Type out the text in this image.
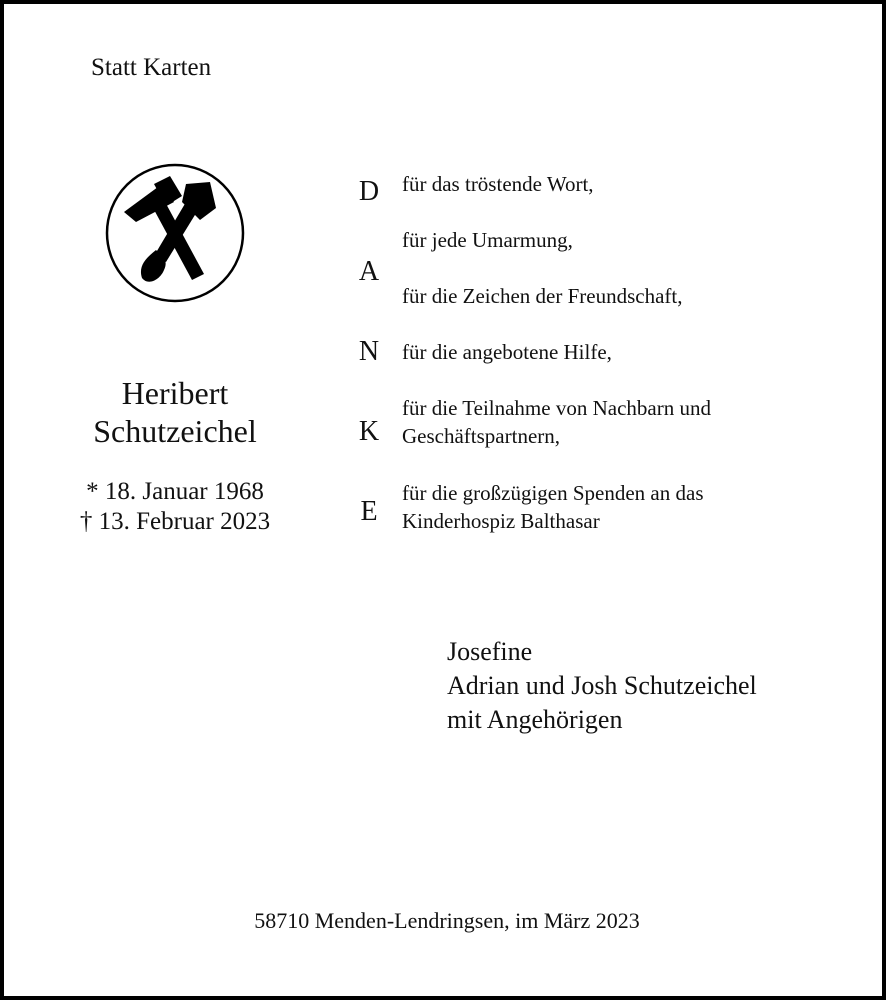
Statt Karten
Heribert
Schutzeichel
* 18. Januar 1968
† 13. Februar 2023
D
A
N
K
E
für das tröstende Wort,
für jede Umarmung,
für die Zeichen der Freundschaft,
für die angebotene Hilfe,
für die Teilnahme von Nachbarn und
Geschäftspartnern,
für die großzügigen Spenden an das
Kinderhospiz Balthasar
Josefine
Adrian und Josh Schutzeichel
mit Angehörigen
58710 Menden-Lendringsen, im März 2023
